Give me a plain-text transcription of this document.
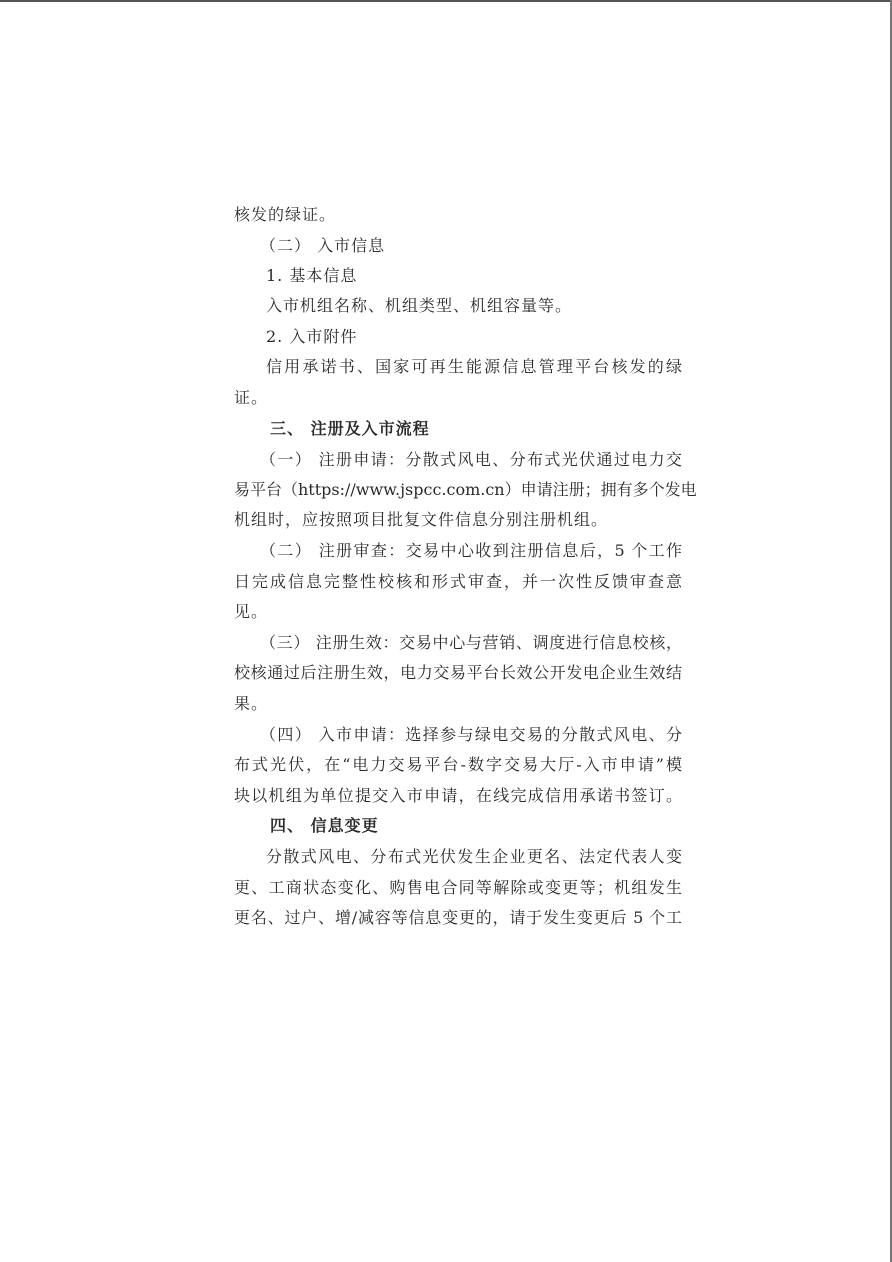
核发的绿证。
（二） 入市信息
1. 基本信息
入市机组名称、机组类型、机组容量等。
2. 入市附件
信用承诺书、国家可再生能源信息管理平台核发的绿
证。
三、 注册及入市流程
（一） 注册申请：分散式风电、分布式光伏通过电力交
易平台（https://www.jspcc.com.cn）申请注册；拥有多个发电
机组时，应按照项目批复文件信息分别注册机组。
（二） 注册审查：交易中心收到注册信息后，5 个工作
日完成信息完整性校核和形式审查，并一次性反馈审查意
见。
（三） 注册生效：交易中心与营销、调度进行信息校核，
校核通过后注册生效，电力交易平台长效公开发电企业生效结
果。
（四） 入市申请：选择参与绿电交易的分散式风电、分
布式光伏，在“电力交易平台-数字交易大厅-入市申请”模
块以机组为单位提交入市申请，在线完成信用承诺书签订。
四、 信息变更
分散式风电、分布式光伏发生企业更名、法定代表人变
更、工商状态变化、购售电合同等解除或变更等；机组发生
更名、过户、增/减容等信息变更的，请于发生变更后 5 个工
